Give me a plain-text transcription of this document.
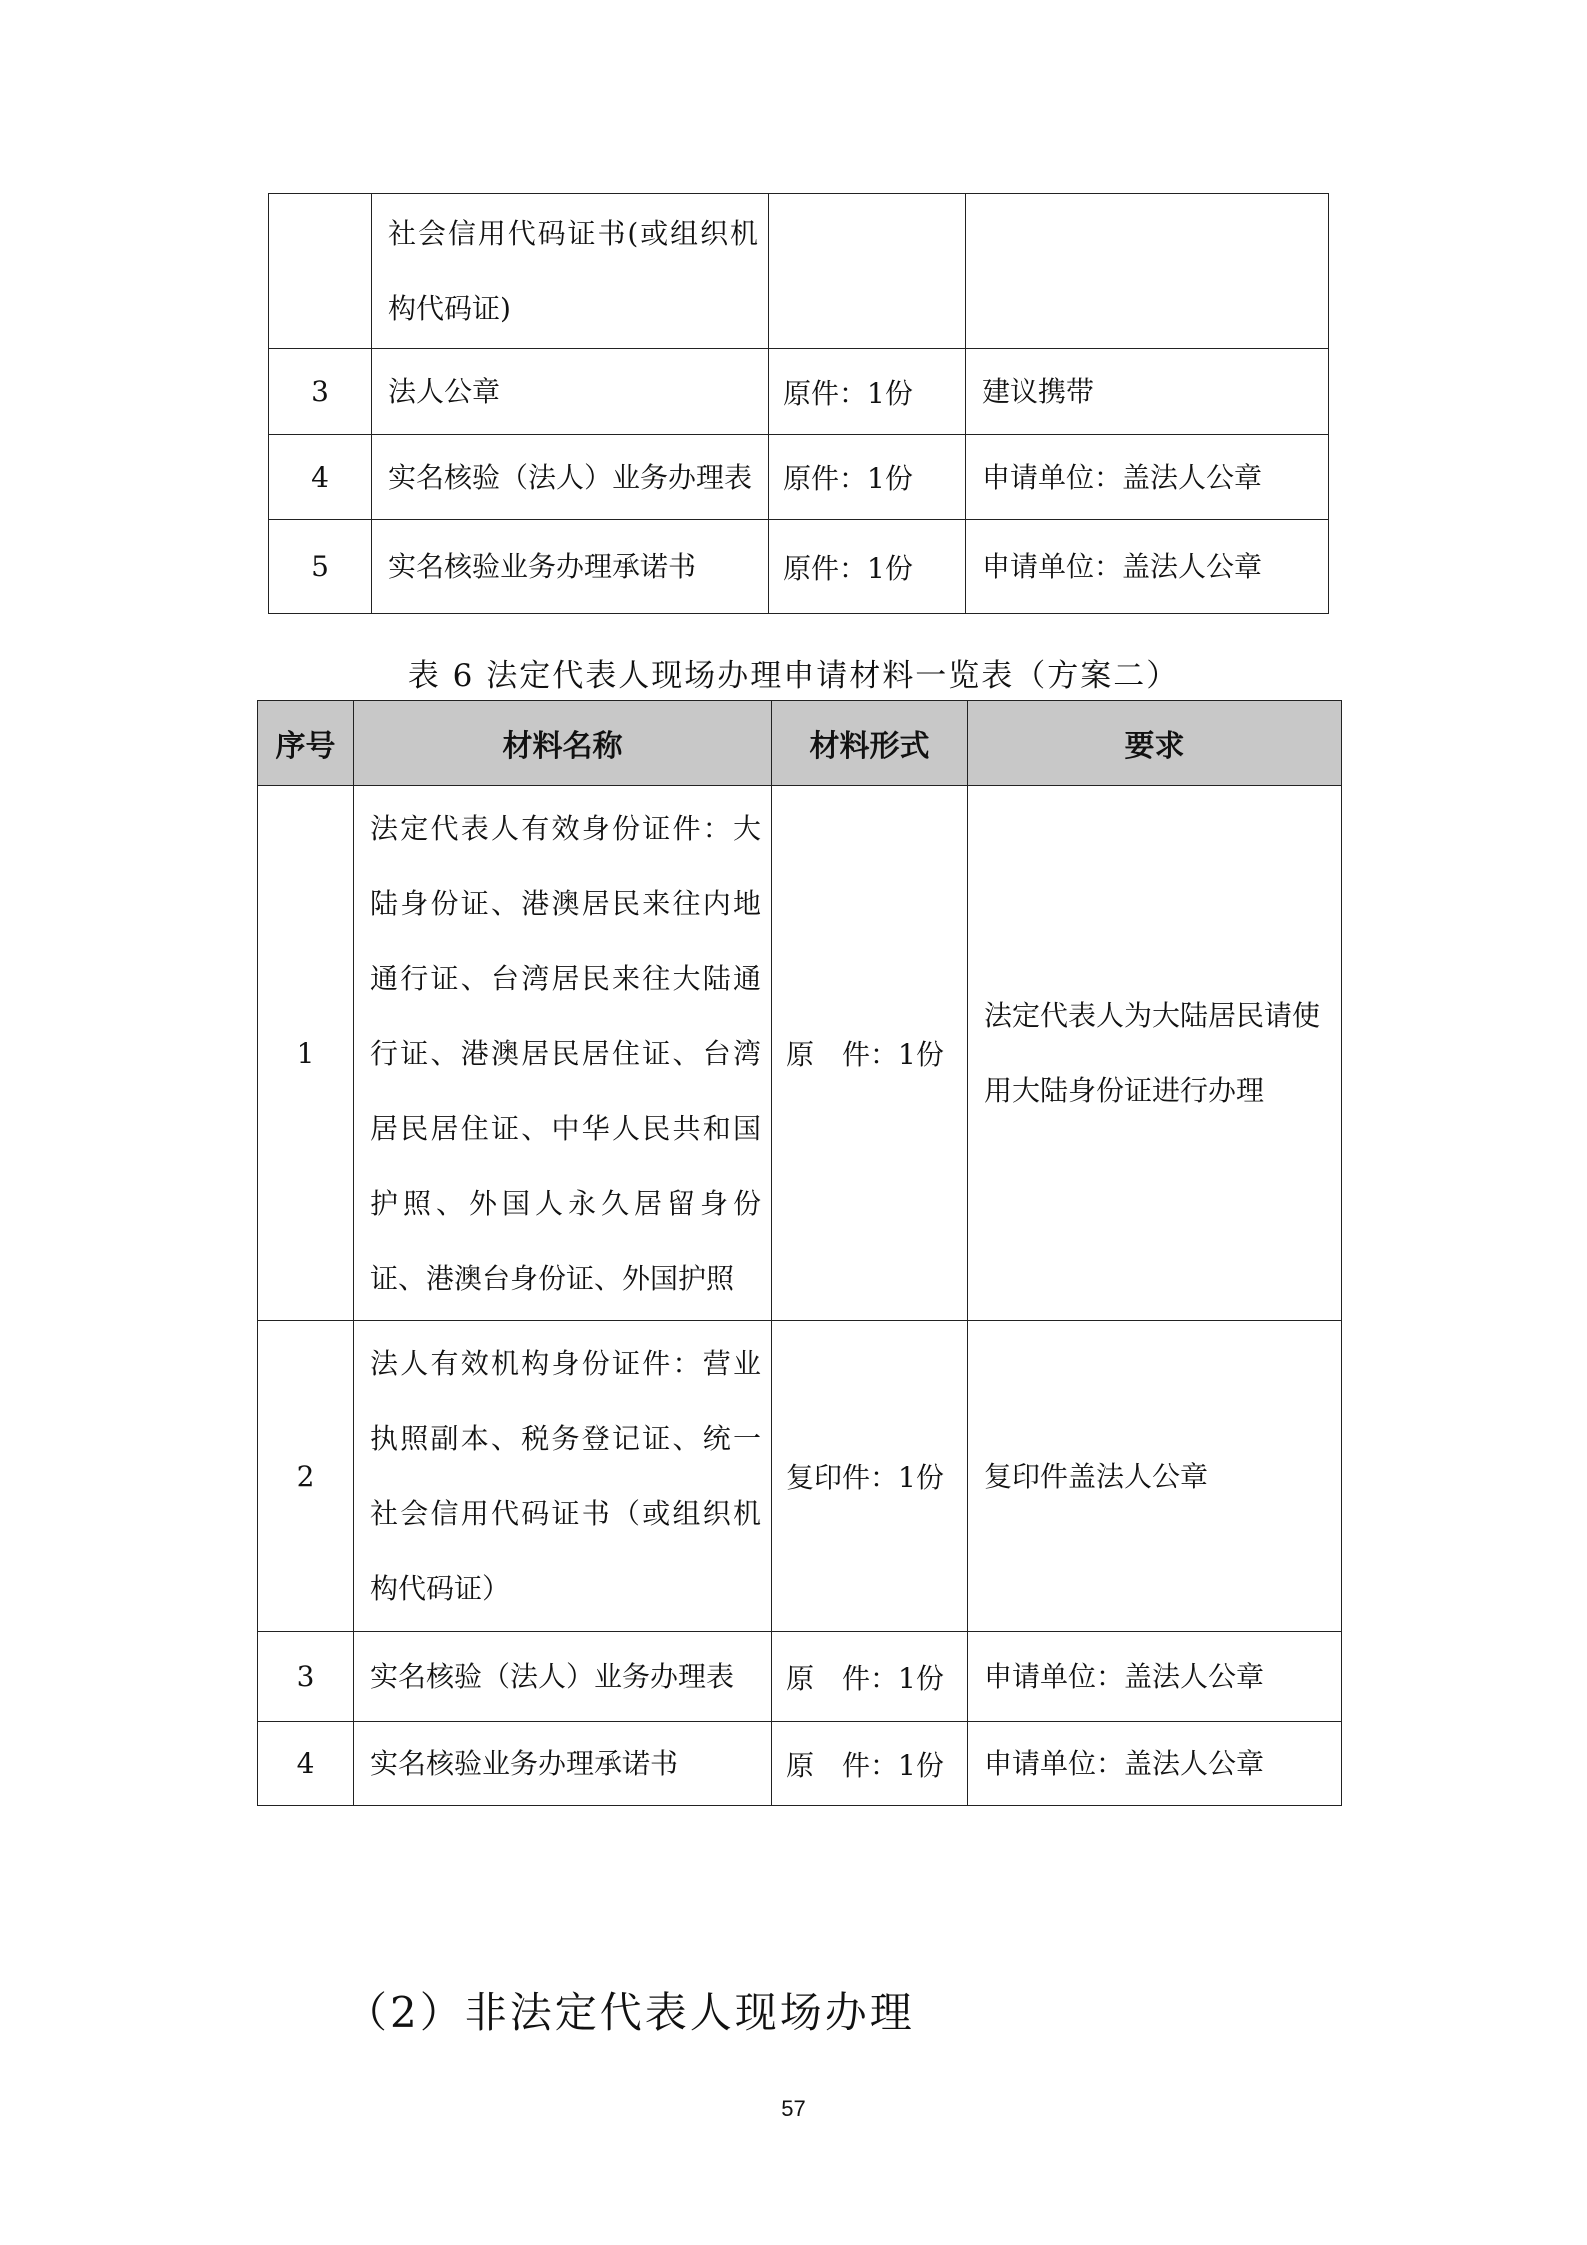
	社会信用代码证书(或组织机构代码证)		
3	法人公章	原件：1份	建议携带
4	实名核验（法人）业务办理表	原件：1份	申请单位：盖法人公章
5	实名核验业务办理承诺书	原件：1份	申请单位：盖法人公章
表 6 法定代表人现场办理申请材料一览表（方案二）
序号	材料名称	材料形式	要求
1	法定代表人有效身份证件：大陆身份证、港澳居民来往内地通行证、台湾居民来往大陆通行证、港澳居民居住证、台湾居民居住证、中华人民共和国护照、外国人永久居留身份证、港澳台身份证、外国护照	原　件：1份	法定代表人为大陆居民请使用大陆身份证进行办理
2	法人有效机构身份证件：营业执照副本、税务登记证、统一社会信用代码证书（或组织机构代码证）	复印件：1份	复印件盖法人公章
3	实名核验（法人）业务办理表	原　件：1份	申请单位：盖法人公章
4	实名核验业务办理承诺书	原　件：1份	申请单位：盖法人公章
（2）非法定代表人现场办理
57
